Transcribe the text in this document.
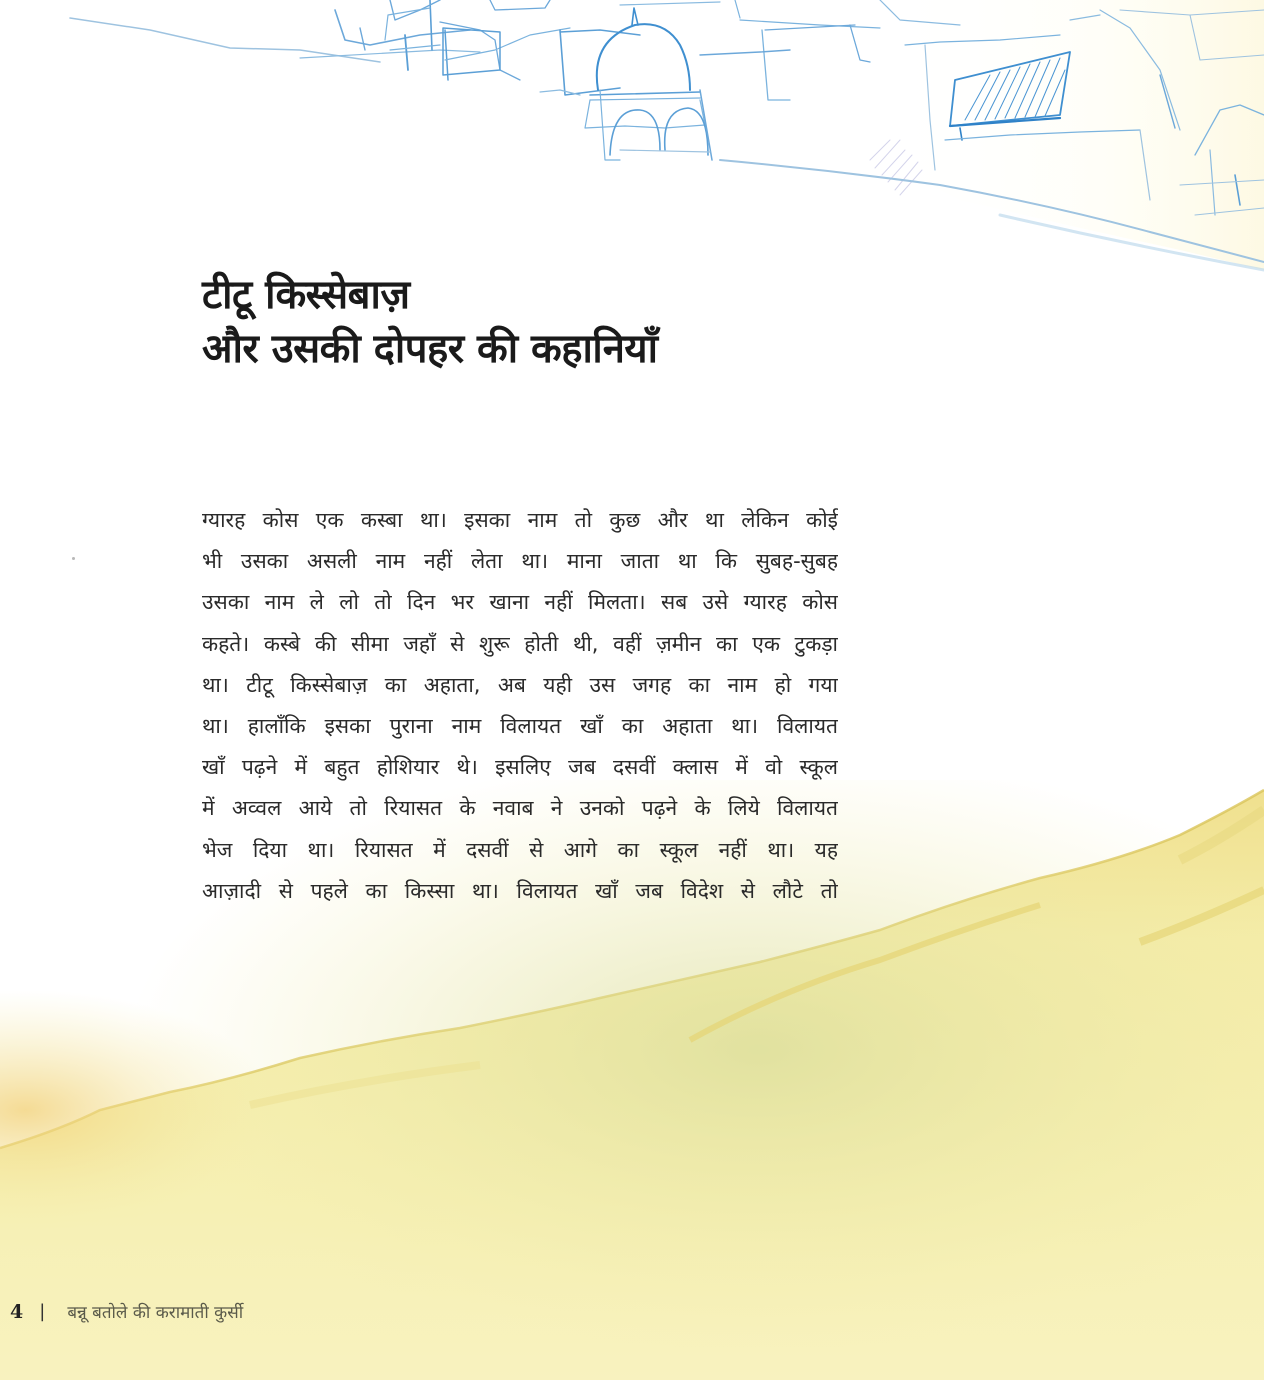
टीटू किस्सेबाज़
और उसकी दोपहर की कहानियाँ
ग्यारह कोस एक कस्बा था। इसका नाम तो कुछ और था लेकिन कोई
भी उसका असली नाम नहीं लेता था। माना जाता था कि सुबह-सुबह
उसका नाम ले लो तो दिन भर खाना नहीं मिलता। सब उसे ग्यारह कोस
कहते। कस्बे की सीमा जहाँ से शुरू होती थी, वहीं ज़मीन का एक टुकड़ा
था। टीटू किस्सेबाज़ का अहाता, अब यही उस जगह का नाम हो गया
था। हालाँकि इसका पुराना नाम विलायत खाँ का अहाता था। विलायत
खाँ पढ़ने में बहुत होशियार थे। इसलिए जब दसवीं क्लास में वो स्कूल
में अव्वल आये तो रियासत के नवाब ने उनको पढ़ने के लिये विलायत
भेज दिया था। रियासत में दसवीं से आगे का स्कूल नहीं था। यह
आज़ादी से पहले का किस्सा था। विलायत खाँ जब विदेश से लौटे तो
4 | बन्नू बतोले की करामाती कुर्सी
